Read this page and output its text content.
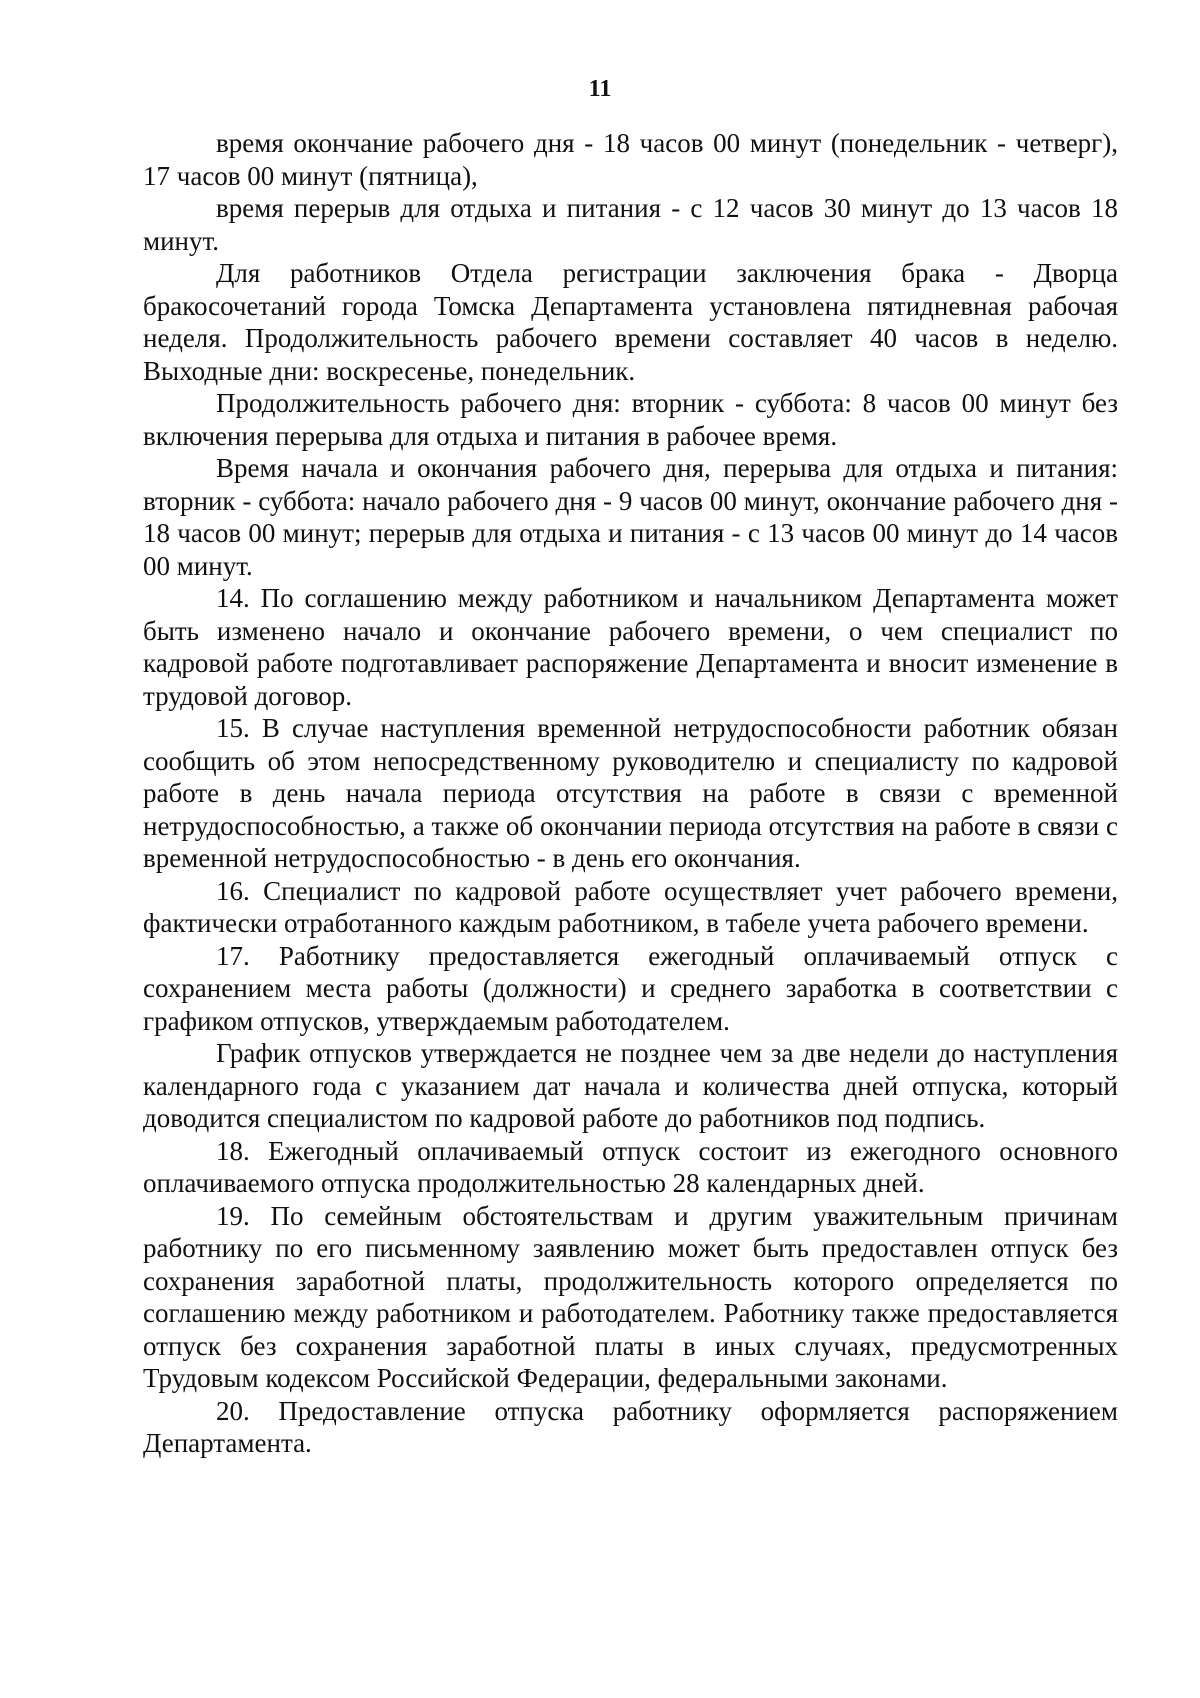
11

время окончание рабочего дня - 18 часов 00 минут (понедельник - четверг), 17 часов 00 минут (пятница),

время перерыв для отдыха и питания - с 12 часов 30 минут до 13 часов 18 минут.

Для работников Отдела регистрации заключения брака - Дворца бракосочетаний города Томска Департамента установлена пятидневная рабочая неделя. Продолжительность рабочего времени составляет 40 часов в неделю. Выходные дни: воскресенье, понедельник.

Продолжительность рабочего дня: вторник - суббота: 8 часов 00 минут без включения перерыва для отдыха и питания в рабочее время.

Время начала и окончания рабочего дня, перерыва для отдыха и питания: вторник - суббота: начало рабочего дня - 9 часов 00 минут, окончание рабочего дня - 18 часов 00 минут; перерыв для отдыха и питания - с 13 часов 00 минут до 14 часов 00 минут.

14. По соглашению между работником и начальником Департамента может быть изменено начало и окончание рабочего времени, о чем специалист по кадровой работе подготавливает распоряжение Департамента и вносит изменение в трудовой договор.

15. В случае наступления временной нетрудоспособности работник обязан сообщить об этом непосредственному руководителю и специалисту по кадровой работе в день начала периода отсутствия на работе в связи с временной нетрудоспособностью, а также об окончании периода отсутствия на работе в связи с временной нетрудоспособностью - в день его окончания.

16. Специалист по кадровой работе осуществляет учет рабочего времени, фактически отработанного каждым работником, в табеле учета рабочего времени.

17. Работнику предоставляется ежегодный оплачиваемый отпуск с сохранением места работы (должности) и среднего заработка в соответствии с графиком отпусков, утверждаемым работодателем.

График отпусков утверждается не позднее чем за две недели до наступления календарного года с указанием дат начала и количества дней отпуска, который доводится специалистом по кадровой работе до работников под подпись.

18. Ежегодный оплачиваемый отпуск состоит из ежегодного основного оплачиваемого отпуска продолжительностью 28 календарных дней.

19. По семейным обстоятельствам и другим уважительным причинам работнику по его письменному заявлению может быть предоставлен отпуск без сохранения заработной платы, продолжительность которого определяется по соглашению между работником и работодателем. Работнику также предоставляется отпуск без сохранения заработной платы в иных случаях, предусмотренных Трудовым кодексом Российской Федерации, федеральными законами.

20. Предоставление отпуска работнику оформляется распоряжением Департамента.
